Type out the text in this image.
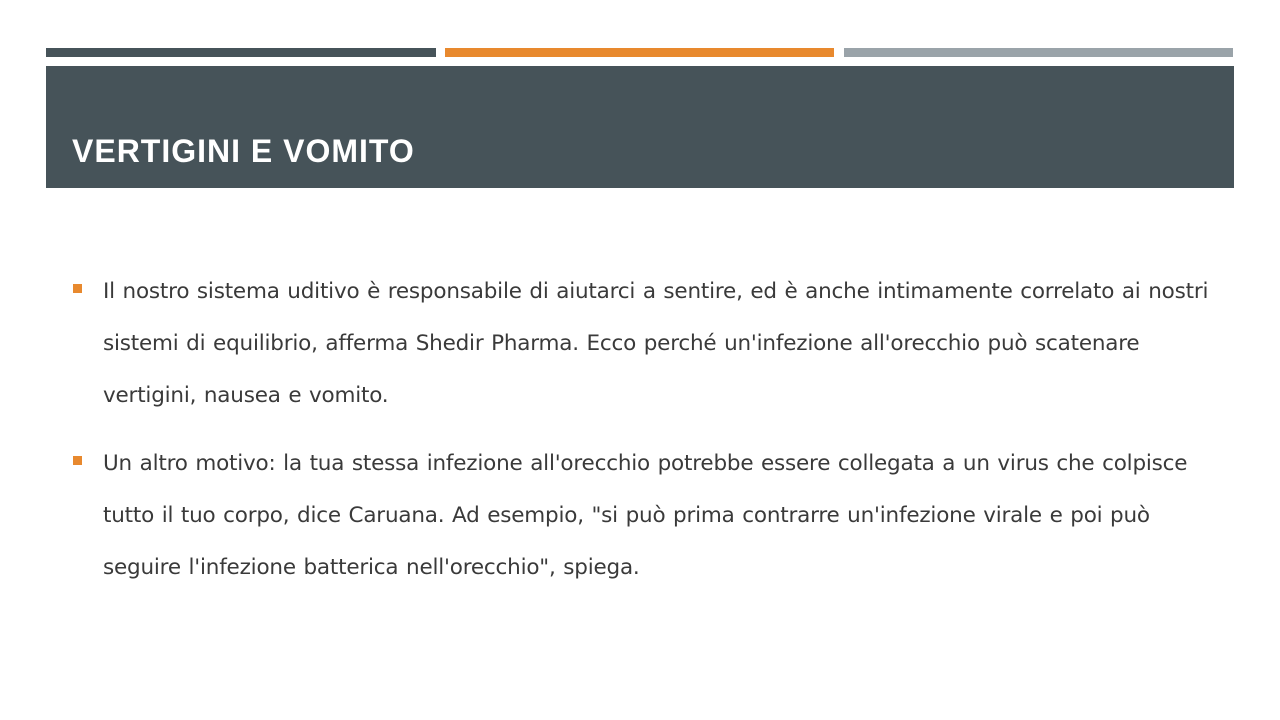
VERTIGINI E VOMITO
Il nostro sistema uditivo è responsabile di aiutarci a sentire, ed è anche intimamente correlato ai nostri sistemi di equilibrio, afferma Shedir Pharma. Ecco perché un'infezione all'orecchio può scatenare vertigini, nausea e vomito.
Un altro motivo: la tua stessa infezione all'orecchio potrebbe essere collegata a un virus che colpisce tutto il tuo corpo, dice Caruana. Ad esempio, "si può prima contrarre un'infezione virale e poi può seguire l'infezione batterica nell'orecchio", spiega.
